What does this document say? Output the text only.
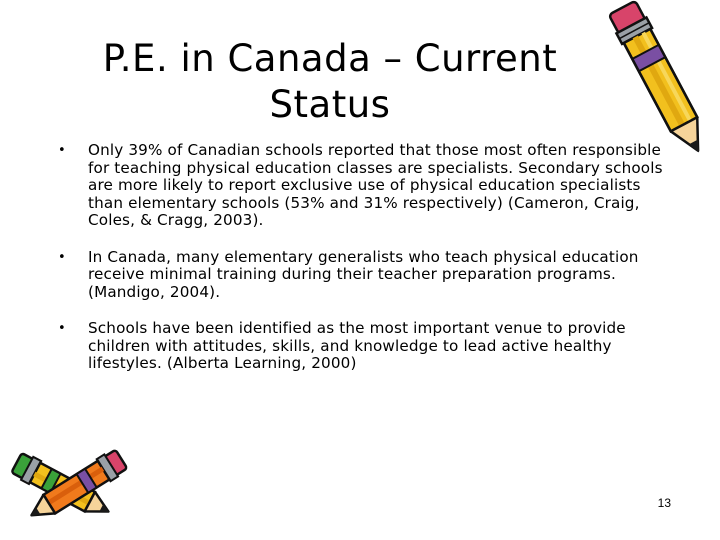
P.E. in Canada – Current Status
• Only 39% of Canadian schools reported that those most often responsible for teaching physical education classes are specialists. Secondary schools are more likely to report exclusive use of physical education specialists than elementary schools (53% and 31% respectively) (Cameron, Craig, Coles, & Cragg, 2003).
• In Canada, many elementary generalists who teach physical education receive minimal training during their teacher preparation programs. (Mandigo, 2004).
• Schools have been identified as the most important venue to provide children with attitudes, skills, and knowledge to lead active healthy lifestyles. (Alberta Learning, 2000)
13
